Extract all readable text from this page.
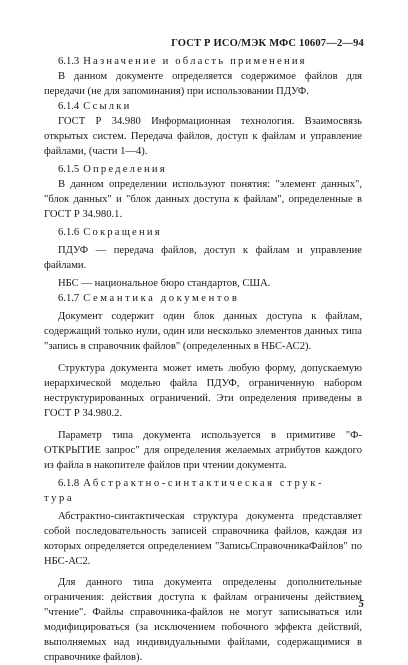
ГОСТ Р ИСО/МЭК МФС 10607—2—94
6.1.3 Назначение и область применения

В данном документе определяется содержимое файлов для передачи (не для запоминания) при использовании ПДУФ.

6.1.4 Ссылки

ГОСТ Р 34.980 Информационная технология. Взаимосвязь открытых систем. Передача файлов, доступ к файлам и управление файлами, (части 1—4).

6.1.5 Определения

В данном определении используют понятия: "элемент данных", "блок данных" и "блок данных доступа к файлам", определенные в ГОСТ Р 34.980.1.

6.1.6 Сокращения

ПДУФ — передача файлов, доступ к файлам и управление файлами.

НБС — национальное бюро стандартов, США.

6.1.7 Семантика документов

Документ содержит один блок данных доступа к файлам, содержащий только нули, один или несколько элементов данных типа "запись в справочник файлов" (определенных в НБС-АС2).

Структура документа может иметь любую форму, допускаемую иерархической моделью файла ПДУФ, ограниченную набором неструктурированных ограничений. Эти определения приведены в ГОСТ Р 34.980.2.

Параметр типа документа используется в примитиве "Ф-ОТКРЫТИЕ запрос" для определения желаемых атрибутов каждого из файла в накопителе файлов при чтении документа.

6.1.8 Абстрактно-синтактическая струк-
тура

Абстрактно-синтактическая структура документа представляет собой последовательность записей справочника файлов, каждая из которых определяется определением "ЗаписьСправочникаФайлов" по НБС-АС2.

Для данного типа документа определены дополнительные ограничения: действия доступа к файлам ограничены действием "чтение". Файлы справочника-файлов не могут записываться или модифицироваться (за исключением побочного эффекта действий, выполняемых над индивидуальными файлами, содержащимися в справочнике файлов).

5
